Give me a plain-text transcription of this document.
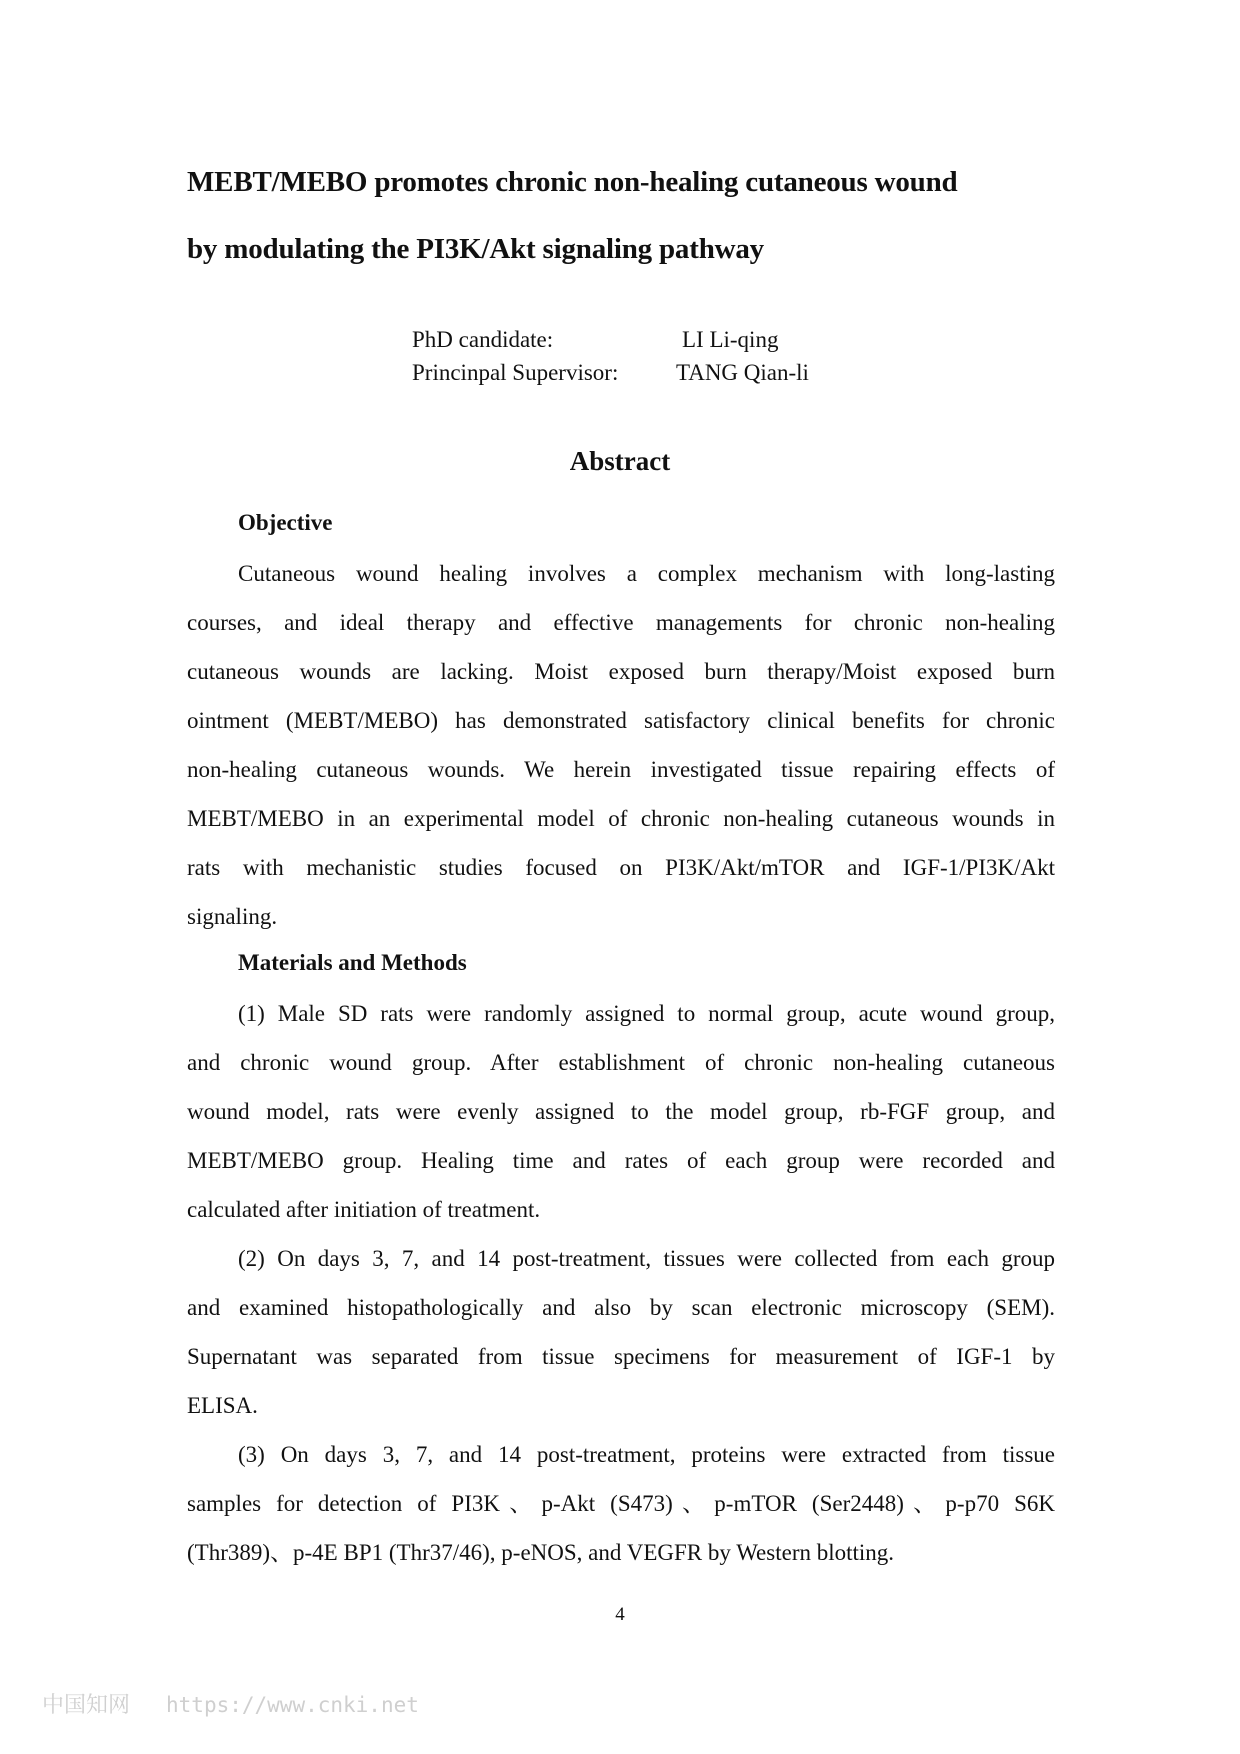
MEBT/MEBO promotes chronic non-healing cutaneous wound
by modulating the PI3K/Akt signaling pathway
PhD candidate:	LI Li-qing
Princinpal Supervisor:	TANG Qian-li
Abstract
Objective
Cutaneous wound healing involves a complex mechanism with long-lasting
courses, and ideal therapy and effective managements for chronic non-healing
cutaneous wounds are lacking. Moist exposed burn therapy/Moist exposed burn
ointment (MEBT/MEBO) has demonstrated satisfactory clinical benefits for chronic
non-healing cutaneous wounds. We herein investigated tissue repairing effects of
MEBT/MEBO in an experimental model of chronic non-healing cutaneous wounds in
rats with mechanistic studies focused on PI3K/Akt/mTOR and IGF-1/PI3K/Akt
signaling.
Materials and Methods
(1) Male SD rats were randomly assigned to normal group, acute wound group,
and chronic wound group. After establishment of chronic non-healing cutaneous
wound model, rats were evenly assigned to the model group, rb-FGF group, and
MEBT/MEBO group. Healing time and rates of each group were recorded and
calculated after initiation of treatment.
(2) On days 3, 7, and 14 post-treatment, tissues were collected from each group
and examined histopathologically and also by scan electronic microscopy (SEM).
Supernatant was separated from tissue specimens for measurement of IGF-1 by
ELISA.
(3) On days 3, 7, and 14 post-treatment, proteins were extracted from tissue
samples for detection of PI3K、p-Akt (S473)、p-mTOR (Ser2448)、p-p70 S6K
(Thr389)、p-4E BP1 (Thr37/46), p-eNOS, and VEGFR by Western blotting.
4
中国知网 https://www.cnki.net
